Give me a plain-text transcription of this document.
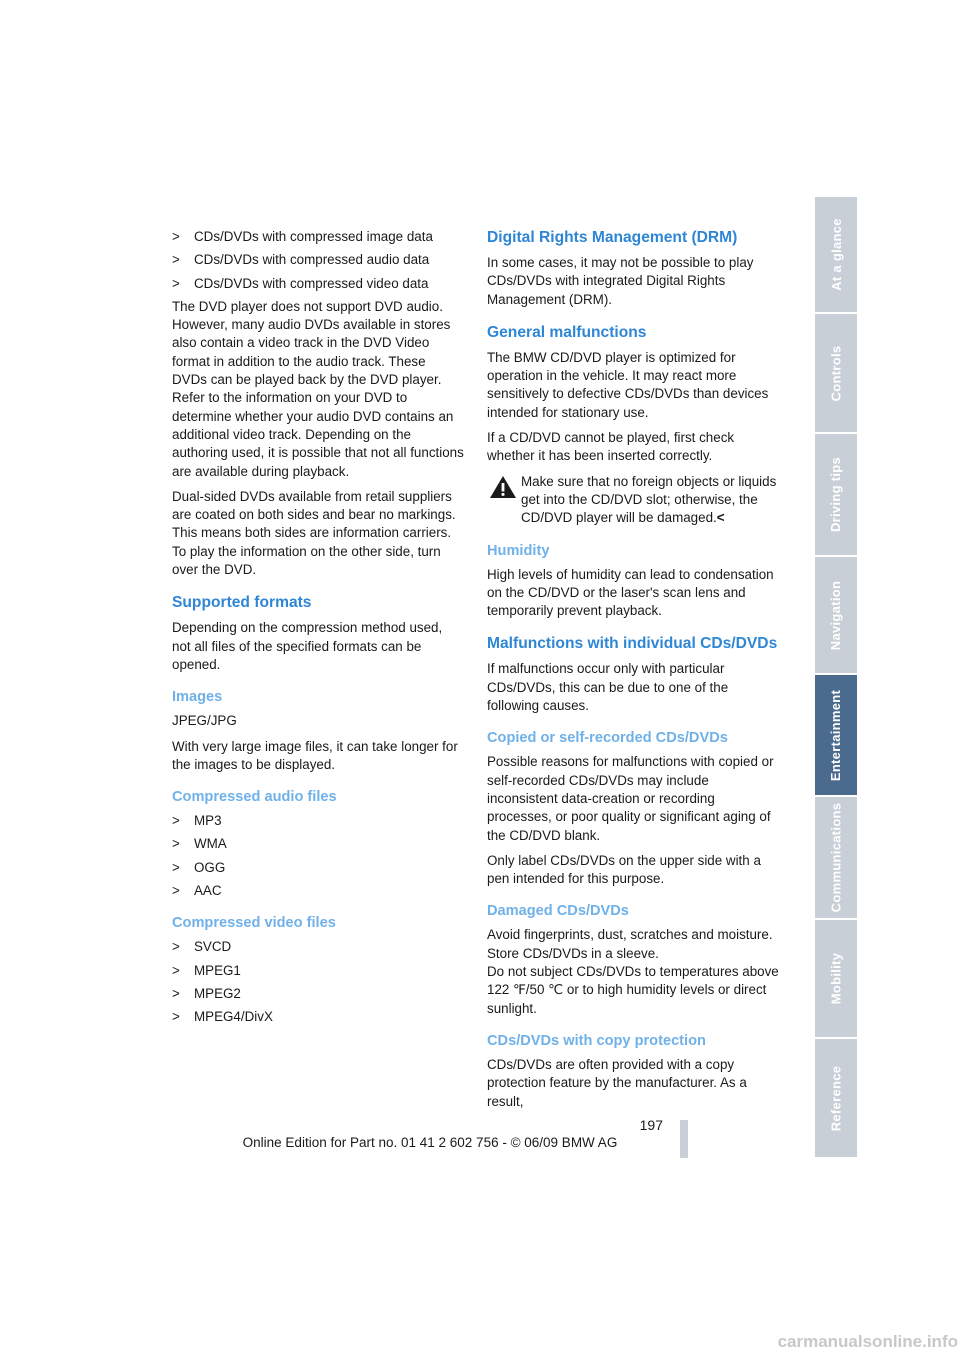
>	CDs/DVDs with compressed image data
>	CDs/DVDs with compressed audio data
>	CDs/DVDs with compressed video data

The DVD player does not support DVD audio. However, many audio DVDs available in stores also contain a video track in the DVD Video format in addition to the audio track. These DVDs can be played back by the DVD player. Refer to the information on your DVD to determine whether your audio DVD contains an additional video track. Depending on the authoring used, it is possible that not all functions are available during playback.

Dual-sided DVDs available from retail suppliers are coated on both sides and bear no markings. This means both sides are information carriers. To play the information on the other side, turn over the DVD.

Supported formats

Depending on the compression method used, not all files of the specified formats can be opened.

Images

JPEG/JPG

With very large image files, it can take longer for the images to be displayed.

Compressed audio files
>	MP3
>	WMA
>	OGG
>	AAC
Compressed video files
>	SVCD
>	MPEG1
>	MPEG2
>	MPEG4/DivX
Digital Rights Management (DRM)

In some cases, it may not be possible to play CDs/DVDs with integrated Digital Rights Management (DRM).

General malfunctions

The BMW CD/DVD player is optimized for operation in the vehicle. It may react more sensitively to defective CDs/DVDs than devices intended for stationary use.

If a CD/DVD cannot be played, first check whether it has been inserted correctly.

Make sure that no foreign objects or liquids get into the CD/DVD slot; otherwise, the CD/DVD player will be damaged.<

Humidity

High levels of humidity can lead to condensation on the CD/DVD or the laser's scan lens and temporarily prevent playback.

Malfunctions with individual CDs/DVDs

If malfunctions occur only with particular CDs/DVDs, this can be due to one of the following causes.

Copied or self-recorded CDs/DVDs

Possible reasons for malfunctions with copied or self-recorded CDs/DVDs may include inconsistent data-creation or recording processes, or poor quality or significant aging of the CD/DVD blank.

Only label CDs/DVDs on the upper side with a pen intended for this purpose.

Damaged CDs/DVDs

Avoid fingerprints, dust, scratches and moisture.

Store CDs/DVDs in a sleeve.

Do not subject CDs/DVDs to temperatures above 122 ℉/50 ℃ or to high humidity levels or direct sunlight.

CDs/DVDs with copy protection

CDs/DVDs are often provided with a copy protection feature by the manufacturer. As a result,

At a glance
Controls
Driving tips
Navigation
Entertainment
Communications
Mobility
Reference
197
Online Edition for Part no. 01 41 2 602 756 - © 06/09 BMW AG
carmanualsonline.info
